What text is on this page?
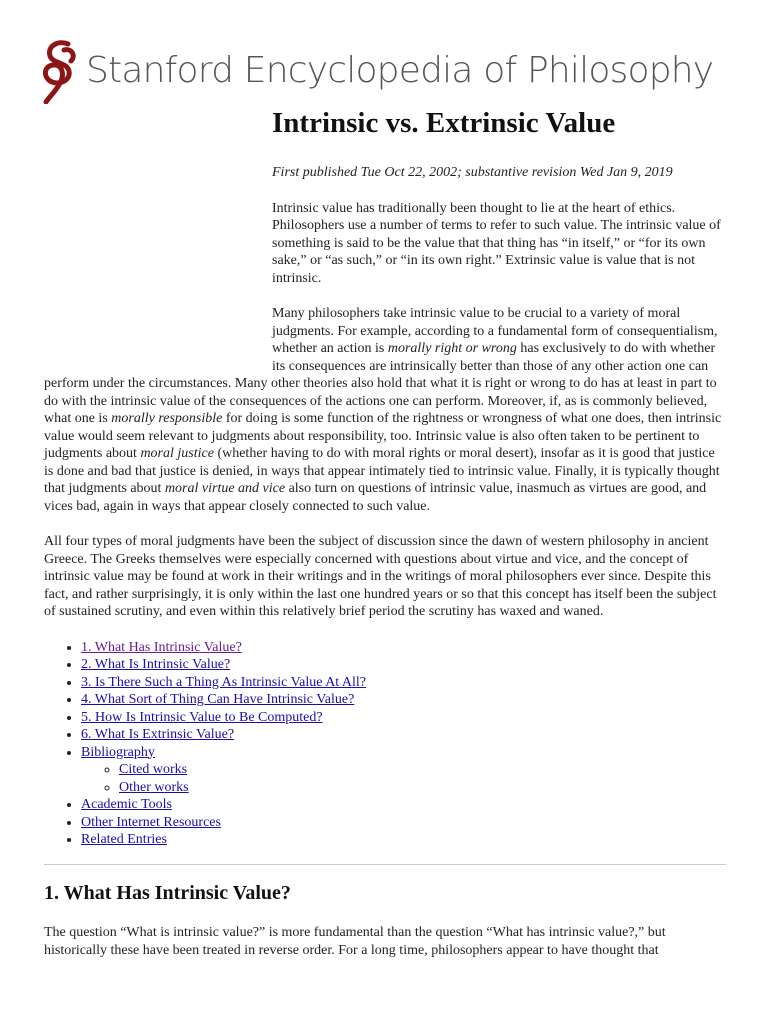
Stanford Encyclopedia of Philosophy
Intrinsic vs. Extrinsic Value

First published Tue Oct 22, 2002; substantive revision Wed Jan 9, 2019

Intrinsic value has traditionally been thought to lie at the heart of ethics. Philosophers use a number of terms to refer to such value. The intrinsic value of something is said to be the value that that thing has “in itself,” or “for its own sake,” or “as such,” or “in its own right.” Extrinsic value is value that is not intrinsic.

Many philosophers take intrinsic value to be crucial to a variety of moral judgments. For example, according to a fundamental form of consequentialism, whether an action is morally right or wrong has exclusively to do with whether its consequences are intrinsically better than those of any other action one can perform under the circumstances. Many other theories also hold that what it is right or wrong to do has at least in part to do with the intrinsic value of the consequences of the actions one can perform. Moreover, if, as is commonly believed, what one is morally responsible for doing is some function of the rightness or wrongness of what one does, then intrinsic value would seem relevant to judgments about responsibility, too. Intrinsic value is also often taken to be pertinent to judgments about moral justice (whether having to do with moral rights or moral desert), insofar as it is good that justice is done and bad that justice is denied, in ways that appear intimately tied to intrinsic value. Finally, it is typically thought that judgments about moral virtue and vice also turn on questions of intrinsic value, inasmuch as virtues are good, and vices bad, again in ways that appear closely connected to such value.

All four types of moral judgments have been the subject of discussion since the dawn of western philosophy in ancient Greece. The Greeks themselves were especially concerned with questions about virtue and vice, and the concept of intrinsic value may be found at work in their writings and in the writings of moral philosophers ever since. Despite this fact, and rather surprisingly, it is only within the last one hundred years or so that this concept has itself been the subject of sustained scrutiny, and even within this relatively brief period the scrutiny has waxed and waned.

• 1. What Has Intrinsic Value?
• 2. What Is Intrinsic Value?
• 3. Is There Such a Thing As Intrinsic Value At All?
• 4. What Sort of Thing Can Have Intrinsic Value?
• 5. How Is Intrinsic Value to Be Computed?
• 6. What Is Extrinsic Value?
• Bibliography
◦ Cited works
◦ Other works
• Academic Tools
• Other Internet Resources
• Related Entries
1. What Has Intrinsic Value?

The question “What is intrinsic value?” is more fundamental than the question “What has intrinsic value?,” but historically these have been treated in reverse order. For a long time, philosophers appear to have thought that
